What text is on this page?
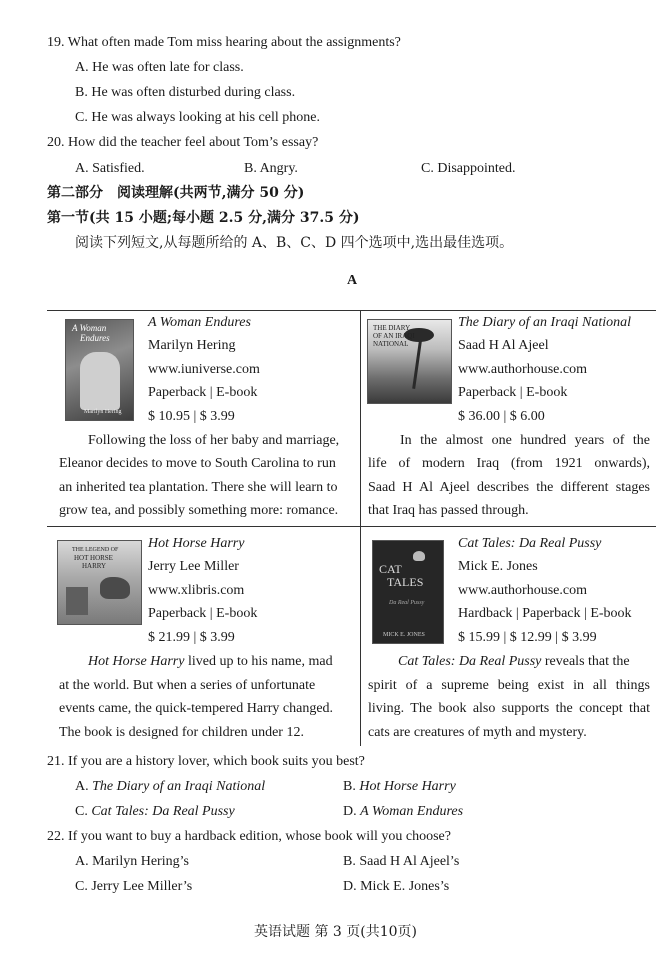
19. What often made Tom miss hearing about the assignments?
A. He was often late for class.
B. He was often disturbed during class.
C. He was always looking at his cell phone.
20. How did the teacher feel about Tom’s essay?
A. Satisfied.	B. Angry.	C. Disappointed.
第二部分　阅读理解(共两节,满分 50 分)
第一节(共 15 小题;每小题 2.5 分,满分 37.5 分)
阅读下列短文,从每题所给的 A、B、C、D 四个选项中,选出最佳选项。
A
A Woman
Endures
Marilyn Hering
A Woman Endures
Marilyn Hering
www.iuniverse.com
Paperback | E-book
$ 10.95 | $ 3.99
Following the loss of her baby and marriage,
Eleanor decides to move to South Carolina to run
an inherited tea plantation. There she will learn to
grow tea, and possibly something more: romance.
THE DIARY
OF AN IRAQI
NATIONAL
The Diary of an Iraqi National
Saad H Al Ajeel
www.authorhouse.com
Paperback | E-book
$ 36.00 | $ 6.00
In the almost one hundred years of the
life of modern Iraq (from 1921 onwards),
Saad H Al Ajeel describes the different stages
that Iraq has passed through.
THE LEGEND OF
HOT HORSE
HARRY
Hot Horse Harry
Jerry Lee Miller
www.xlibris.com
Paperback | E-book
$ 21.99 | $ 3.99
Hot Horse Harry lived up to his name, mad
at the world. But when a series of unfortunate
events came, the quick-tempered Harry changed.
The book is designed for children under 12.
CAT
TALES
Da Real Pussy
MICK E. JONES
Cat Tales: Da Real Pussy
Mick E. Jones
www.authorhouse.com
Hardback | Paperback | E-book
$ 15.99 | $ 12.99 | $ 3.99
Cat Tales: Da Real Pussy reveals that the
spirit of a supreme being exist in all things
living. The book also supports the concept that
cats are creatures of myth and mystery.
21. If you are a history lover, which book suits you best?
A. The Diary of an Iraqi National	B. Hot Horse Harry
C. Cat Tales: Da Real Pussy	D. A Woman Endures
22. If you want to buy a hardback edition, whose book will you choose?
A. Marilyn Hering’s	B. Saad H Al Ajeel’s
C. Jerry Lee Miller’s	D. Mick E. Jones’s
英语试题 第 3 页(共10页)
